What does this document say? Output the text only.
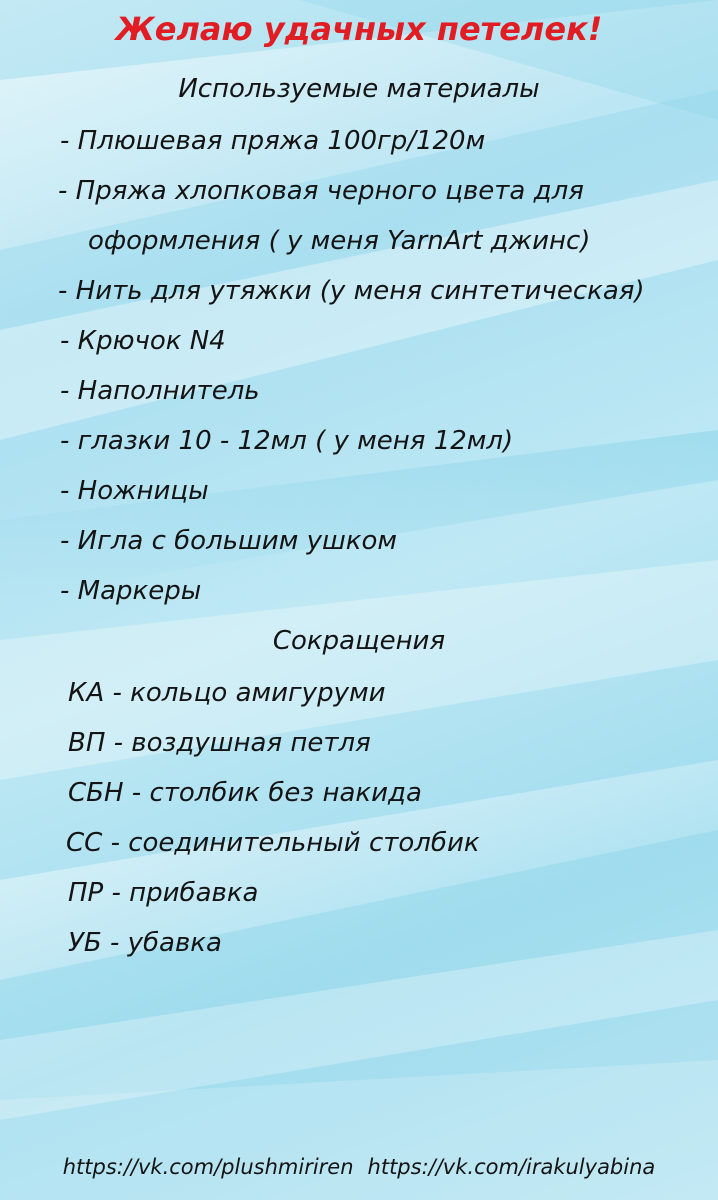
Желаю удачных петелек!
Используемые материалы
- Плюшевая пряжа 100гр/120м
- Пряжа хлопковая черного цвета для
оформления ( у меня YarnArt джинс)
- Нить для утяжки (у меня синтетическая)
- Крючок N4
- Наполнитель
- глазки 10 - 12мл ( у меня 12мл)
- Ножницы
- Игла с большим ушком
- Маркеры
Сокращения
КА - кольцо амигуруми
ВП - воздушная петля
СБН - столбик без накида
СС - соединительный столбик
ПР - прибавка
УБ - убавка
https://vk.com/plushmiriren https://vk.com/irakulyabina
